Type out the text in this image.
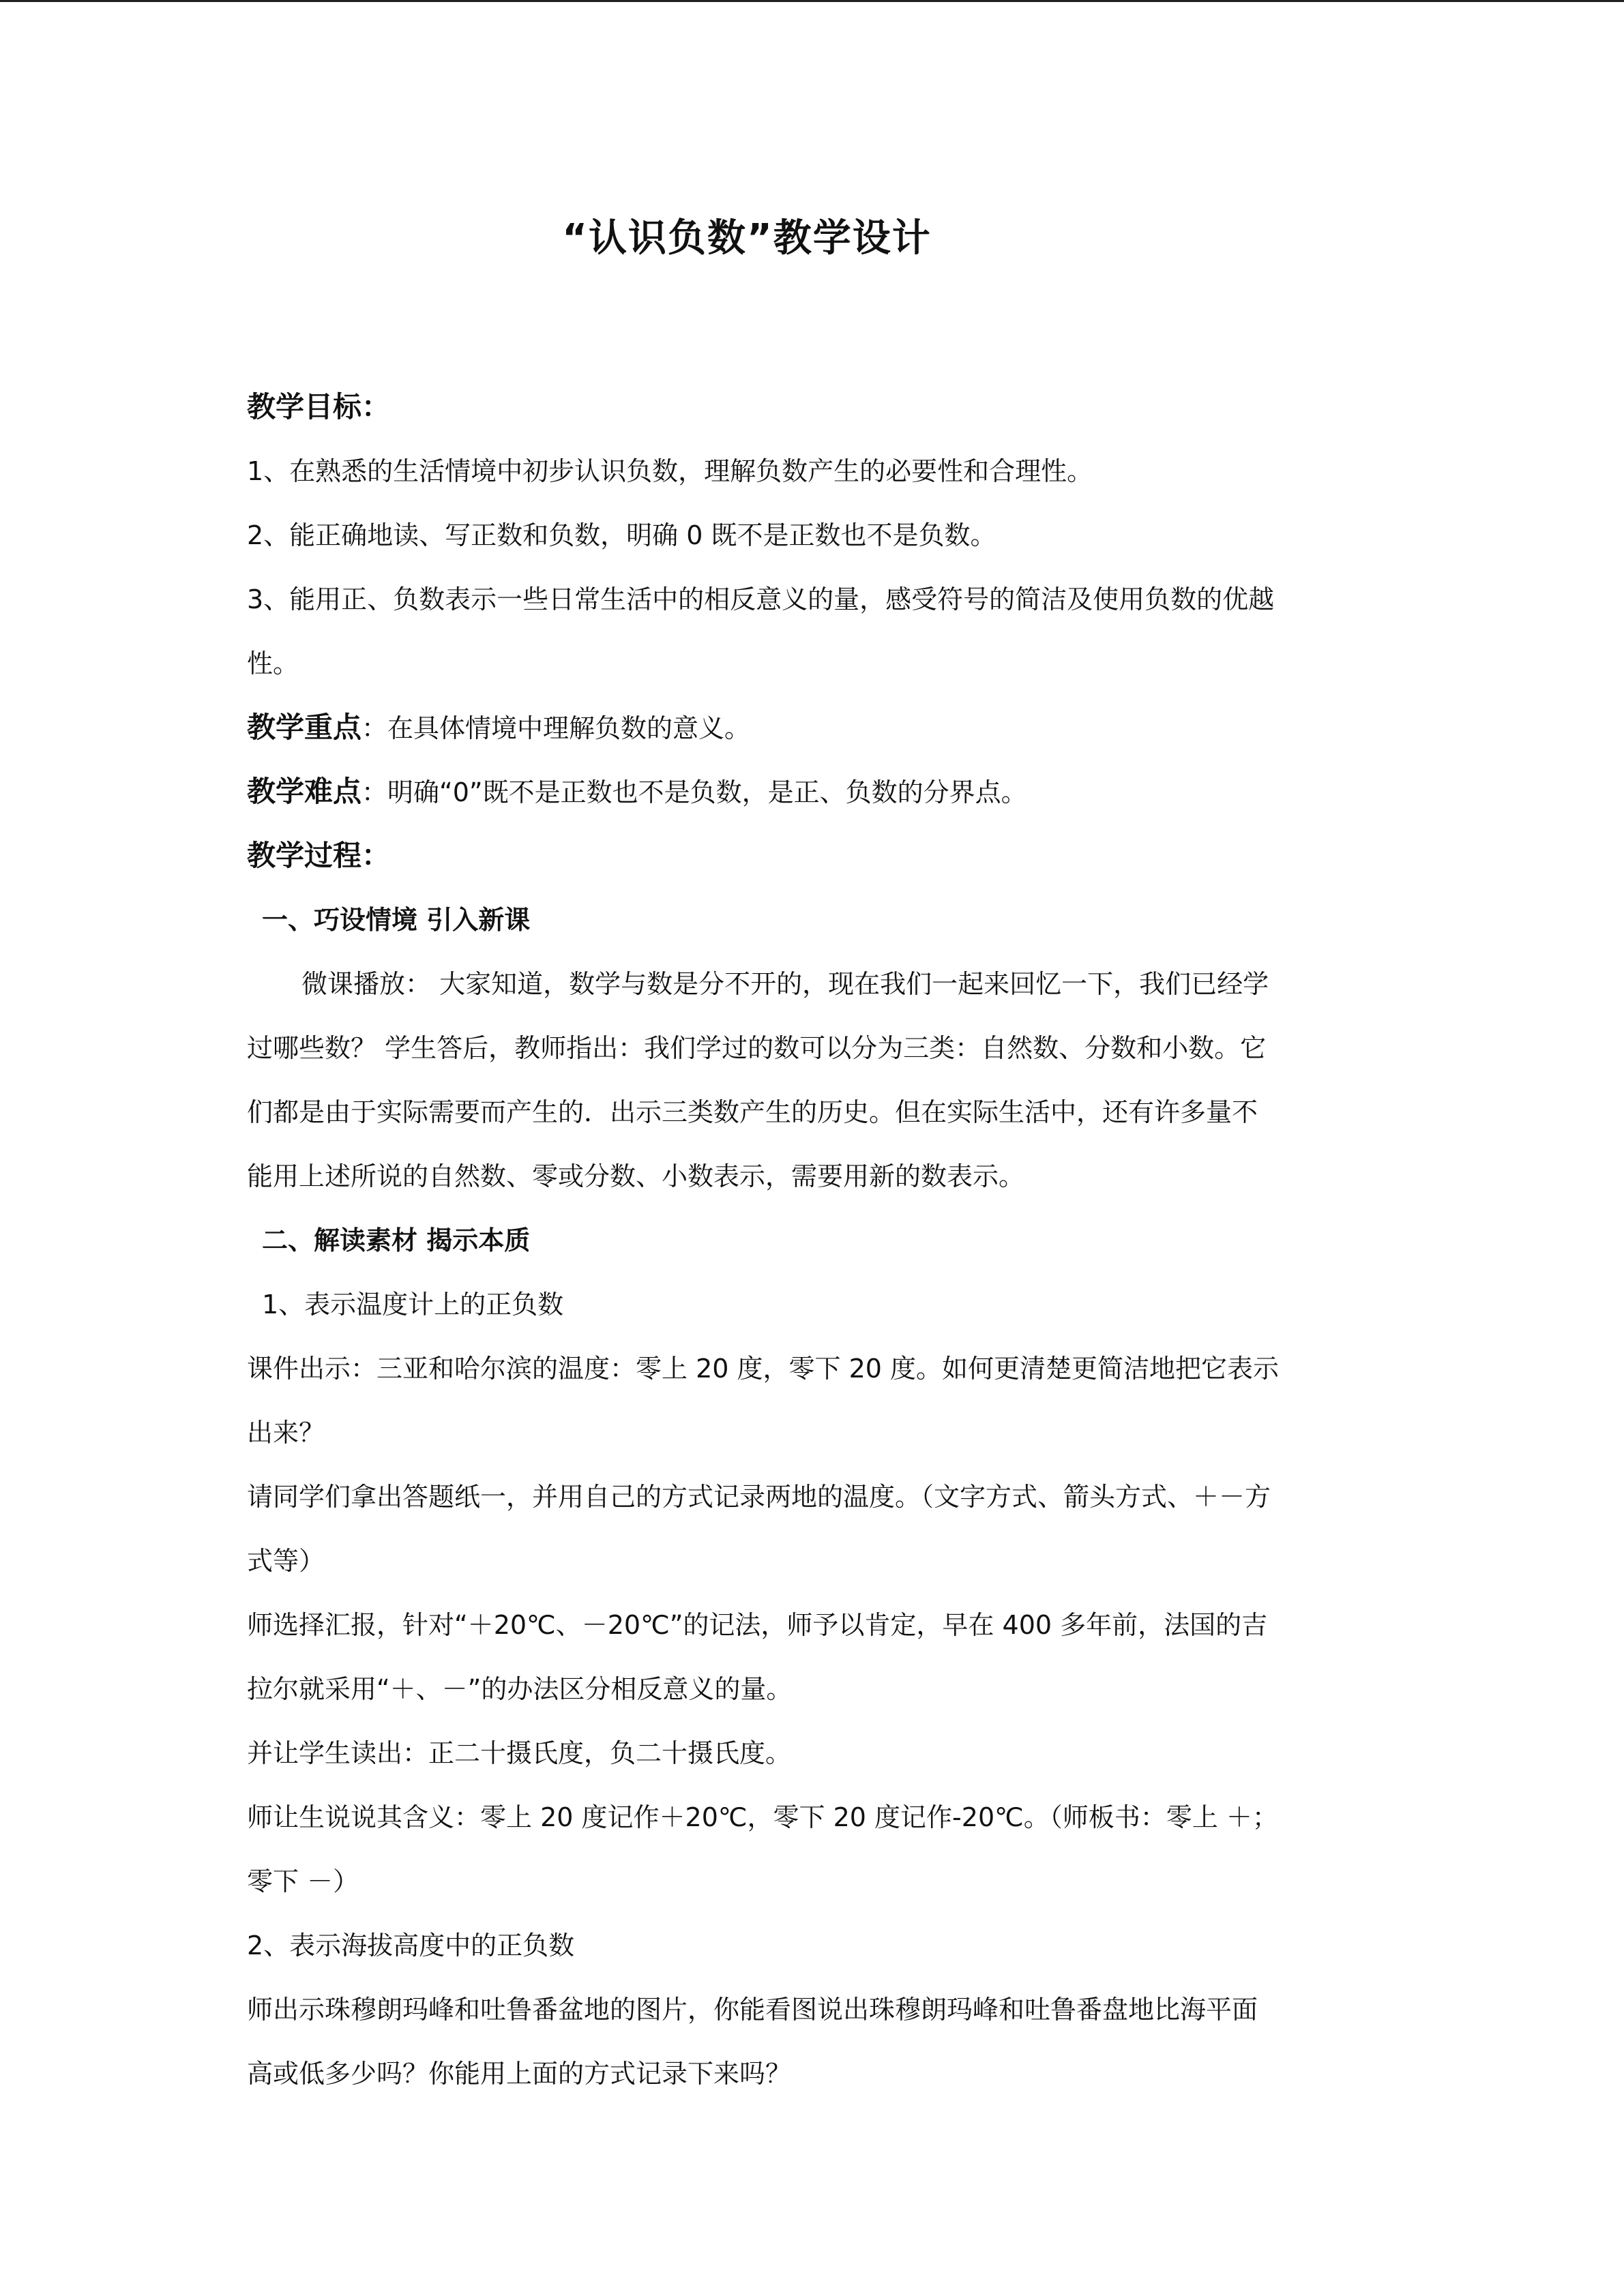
“认识负数”教学设计
教学目标：
1、在熟悉的生活情境中初步认识负数，理解负数产生的必要性和合理性。
2、能正确地读、写正数和负数，明确 0 既不是正数也不是负数。
3、能用正、负数表示一些日常生活中的相反意义的量，感受符号的简洁及使用负数的优越
性。
教学重点：在具体情境中理解负数的意义。
教学难点：明确“0”既不是正数也不是负数，是正、负数的分界点。
教学过程：
一、巧设情境 引入新课
微课播放： 大家知道，数学与数是分不开的，现在我们一起来回忆一下，我们已经学
过哪些数？ 学生答后，教师指出：我们学过的数可以分为三类：自然数、分数和小数。它
们都是由于实际需要而产生的．出示三类数产生的历史。但在实际生活中，还有许多量不
能用上述所说的自然数、零或分数、小数表示，需要用新的数表示。
二、解读素材 揭示本质
1、表示温度计上的正负数
课件出示：三亚和哈尔滨的温度：零上 20 度，零下 20 度。如何更清楚更简洁地把它表示
出来？
请同学们拿出答题纸一，并用自己的方式记录两地的温度。（文字方式、箭头方式、＋－方
式等）
师选择汇报，针对“＋20℃、－20℃”的记法，师予以肯定，早在 400 多年前，法国的吉
拉尔就采用“＋、－”的办法区分相反意义的量。
并让学生读出：正二十摄氏度，负二十摄氏度。
师让生说说其含义：零上 20 度记作＋20℃，零下 20 度记作-20℃。（师板书：零上 ＋；
零下 －）
2、表示海拔高度中的正负数
师出示珠穆朗玛峰和吐鲁番盆地的图片，你能看图说出珠穆朗玛峰和吐鲁番盘地比海平面
高或低多少吗？你能用上面的方式记录下来吗？
